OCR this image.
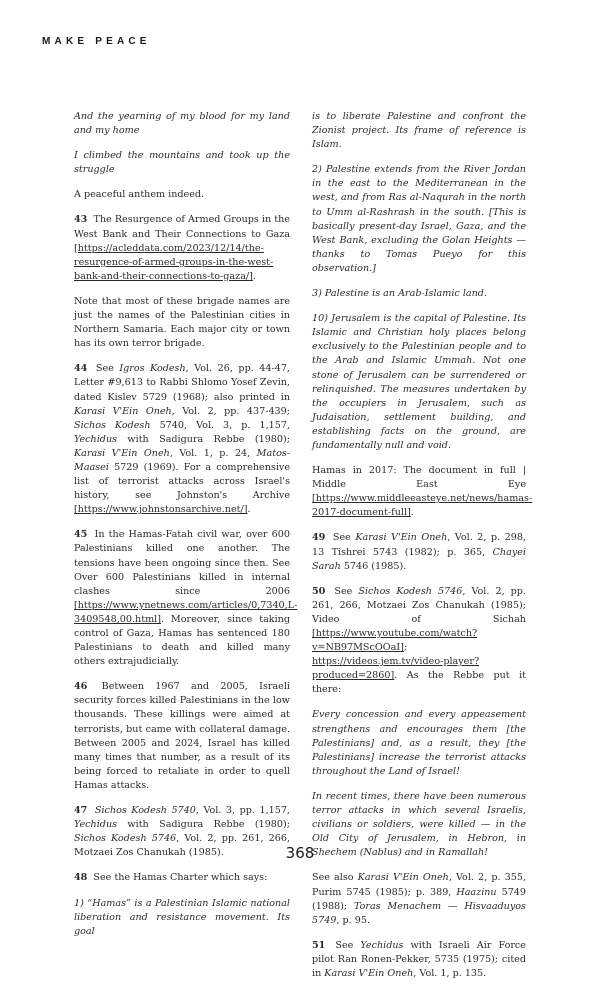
MAKE PEACE

And the yearning of my blood for my land and my home

I climbed the mountains and took up the struggle

A peaceful anthem indeed.

43 The Resurgence of Armed Groups in the West Bank and Their Connections to Gaza [https://acleddata.com/2023/12/14/the-resurgence-of-armed-groups-in-the-west-bank-and-their-connections-to-gaza/].

Note that most of these brigade names are just the names of the Palestinian cities in Northern Samaria. Each major city or town has its own terror brigade.

44 See Igros Kodesh, Vol. 26, pp. 44-47, Letter #9,613 to Rabbi Shlomo Yosef Zevin, dated Kislev 5729 (1968); also printed in Karasi V'Ein Oneh, Vol. 2, pp. 437-439; Sichos Kodesh 5740, Vol. 3, p. 1,157, Yechidus with Sadigura Rebbe (1980); Karasi V'Ein Oneh, Vol. 1, p. 24, Matos-Maasei 5729 (1969). For a comprehensive list of terrorist attacks across Israel's history, see Johnston's Archive [https://www.johnstonsarchive.net/].

45 In the Hamas-Fatah civil war, over 600 Palestinians killed one another. The tensions have been ongoing since then. See Over 600 Palestinians killed in internal clashes since 2006 [https://www.ynetnews.com/articles/0,7340,L-3409548,00.html]. Moreover, since taking control of Gaza, Hamas has sentenced 180 Palestinians to death and killed many others extrajudicially.

46 Between 1967 and 2005, Israeli security forces killed Palestinians in the low thousands. These killings were aimed at terrorists, but came with collateral damage. Between 2005 and 2024, Israel has killed many times that number, as a result of its being forced to retaliate in order to quell Hamas attacks.

47 Sichos Kodesh 5740, Vol. 3, pp. 1,157, Yechidus with Sadigura Rebbe (1980); Sichos Kodesh 5746, Vol. 2, pp. 261, 266, Motzaei Zos Chanukah (1985).

48 See the Hamas Charter which says:

1) “Hamas” is a Palestinian Islamic national liberation and resistance movement. Its goal

is to liberate Palestine and confront the Zionist project. Its frame of reference is Islam.

2) Palestine extends from the River Jordan in the east to the Mediterranean in the west, and from Ras al-Naqurah in the north to Umm al-Rashrash in the south. [This is basically present-day Israel, Gaza, and the West Bank, excluding the Golan Heights — thanks to Tomas Pueyo for this observation.]

3) Palestine is an Arab-Islamic land.

10) Jerusalem is the capital of Palestine. Its Islamic and Christian holy places belong exclusively to the Palestinian people and to the Arab and Islamic Ummah. Not one stone of Jerusalem can be surrendered or relinquished. The measures undertaken by the occupiers in Jerusalem, such as Judaisation, settlement building, and establishing facts on the ground, are fundamentally null and void.

Hamas in 2017: The document in full | Middle East Eye [https://www.middleeasteye.net/news/hamas-2017-document-full].

49 See Karasi V'Ein Oneh, Vol. 2, p. 298, 13 Tishrei 5743 (1982); p. 365, Chayei Sarah 5746 (1985).

50 See Sichos Kodesh 5746, Vol. 2, pp. 261, 266, Motzaei Zos Chanukah (1985); Video of Sichah [https://www.youtube.com/watch?v=NB97MScOOaI]; https://videos.jem.tv/video-player?produced=2860]. As the Rebbe put it there:

Every concession and every appeasement strengthens and encourages them [the Palestinians] and, as a result, they [the Palestinians] increase the terrorist attacks throughout the Land of Israel!

In recent times, there have been numerous terror attacks in which several Israelis, civilians or soldiers, were killed — in the Old City of Jerusalem, in Hebron, in Shechem (Nablus) and in Ramallah!

See also Karasi V'Ein Oneh, Vol. 2, p. 355, Purim 5745 (1985); p. 389, Haazinu 5749 (1988); Toras Menachem — Hisvaaduyos 5749, p. 95.

51 See Yechidus with Israeli Air Force pilot Ran Ronen-Pekker, 5735 (1975); cited in Karasi V'Ein Oneh, Vol. 1, p. 135.

368
